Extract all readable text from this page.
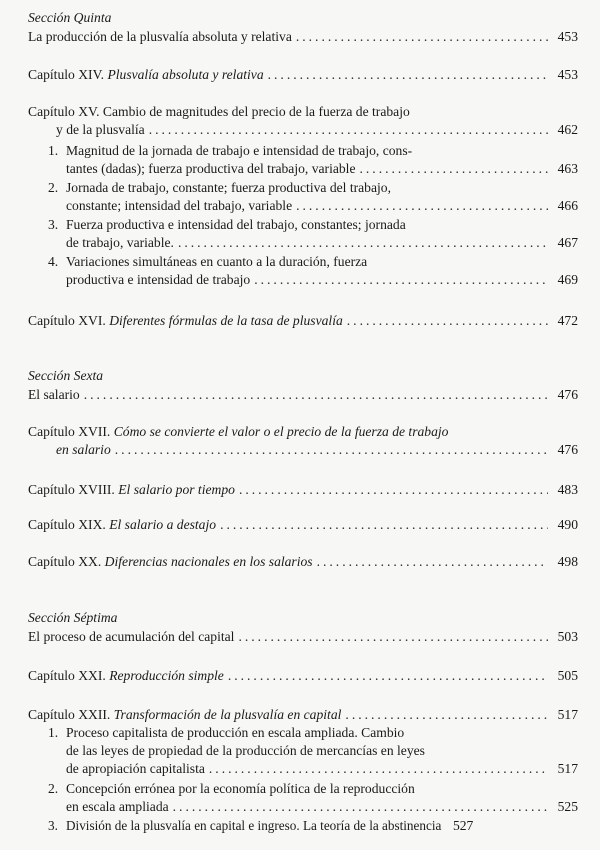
Sección Quinta
La producción de la plusvalía absoluta y relativa .....	453
Capítulo XIV. Plusvalía absoluta y relativa .....	453
Capítulo XV. Cambio de magnitudes del precio de la fuerza de trabajo
y de la plusvalía .....	462
1. Magnitud de la jornada de trabajo e intensidad de trabajo, cons-
tantes (dadas); fuerza productiva del trabajo, variable .....	463
2. Jornada de trabajo, constante; fuerza productiva del trabajo,
constante; intensidad del trabajo, variable .....	466
3. Fuerza productiva e intensidad del trabajo, constantes; jornada
de trabajo, variable. .....	467
4. Variaciones simultáneas en cuanto a la duración, fuerza
productiva e intensidad de trabajo .....	469
Capítulo XVI. Diferentes fórmulas de la tasa de plusvalía .....	472
Sección Sexta
El salario .....	476
Capítulo XVII. Cómo se convierte el valor o el precio de la fuerza de trabajo
en salario .....	476
Capítulo XVIII. El salario por tiempo .....	483
Capítulo XIX. El salario a destajo .....	490
Capítulo XX. Diferencias nacionales en los salarios .....	498
Sección Séptima
El proceso de acumulación del capital .....	503
Capítulo XXI. Reproducción simple .....	505
Capítulo XXII. Transformación de la plusvalía en capital .....	517
1. Proceso capitalista de producción en escala ampliada. Cambio
de las leyes de propiedad de la producción de mercancías en leyes
de apropiación capitalista .....	517
2. Concepción errónea por la economía política de la reproducción
en escala ampliada .....	525
3. División de la plusvalía en capital e ingreso. La teoría de la abstinencia 527
